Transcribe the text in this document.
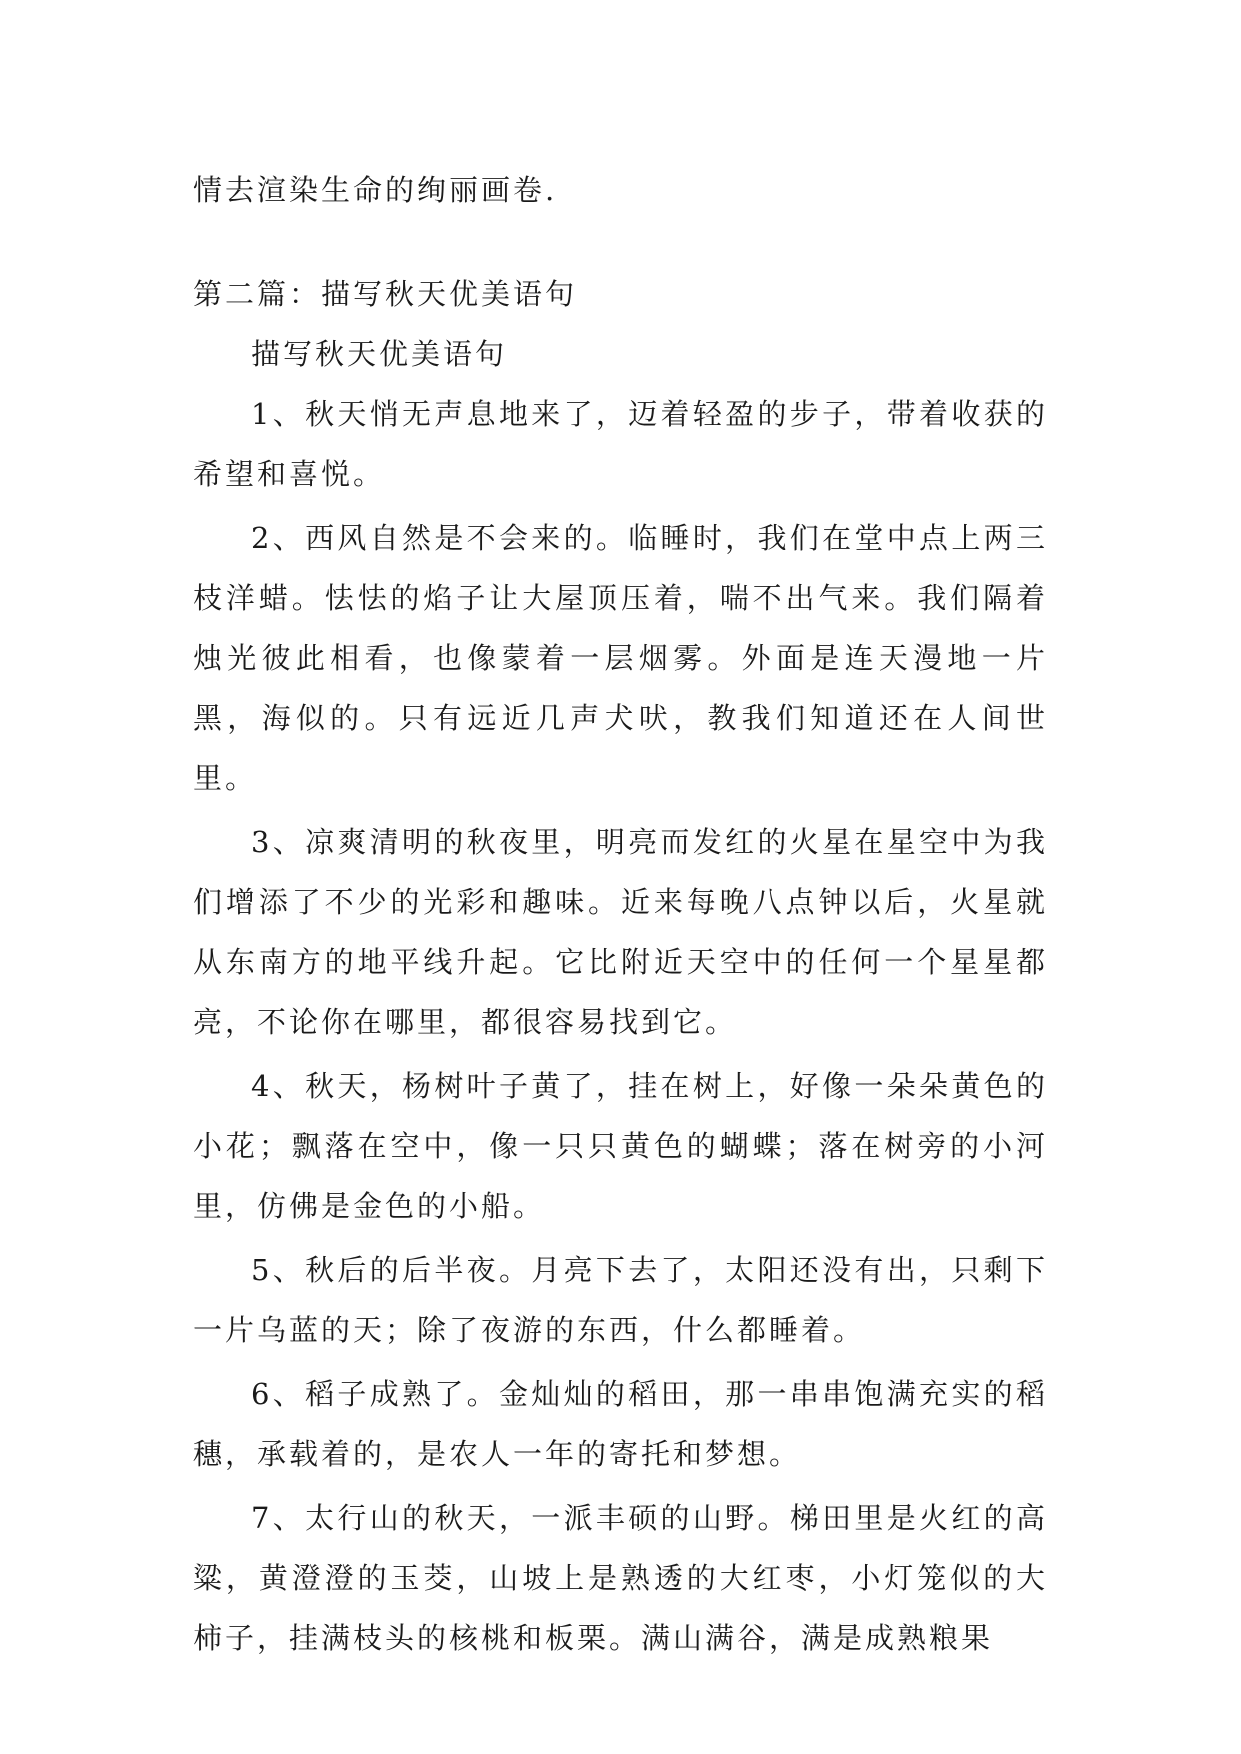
情去渲染生命的绚丽画卷.

第二篇：描写秋天优美语句

描写秋天优美语句

1、秋天悄无声息地来了，迈着轻盈的步子，带着收获的希望和喜悦。

2、西风自然是不会来的。临睡时，我们在堂中点上两三枝洋蜡。怯怯的焰子让大屋顶压着，喘不出气来。我们隔着烛光彼此相看，也像蒙着一层烟雾。外面是连天漫地一片黑，海似的。只有远近几声犬吠，教我们知道还在人间世里。

3、凉爽清明的秋夜里，明亮而发红的火星在星空中为我们增添了不少的光彩和趣味。近来每晚八点钟以后，火星就从东南方的地平线升起。它比附近天空中的任何一个星星都亮，不论你在哪里，都很容易找到它。

4、秋天，杨树叶子黄了，挂在树上，好像一朵朵黄色的小花；飘落在空中，像一只只黄色的蝴蝶；落在树旁的小河里，仿佛是金色的小船。

5、秋后的后半夜。月亮下去了，太阳还没有出，只剩下一片乌蓝的天；除了夜游的东西，什么都睡着。

6、稻子成熟了。金灿灿的稻田，那一串串饱满充实的稻穗，承载着的，是农人一年的寄托和梦想。

7、太行山的秋天，一派丰硕的山野。梯田里是火红的高粱，黄澄澄的玉茭，山坡上是熟透的大红枣，小灯笼似的大柿子，挂满枝头的核桃和板栗。满山满谷，满是成熟粮果
